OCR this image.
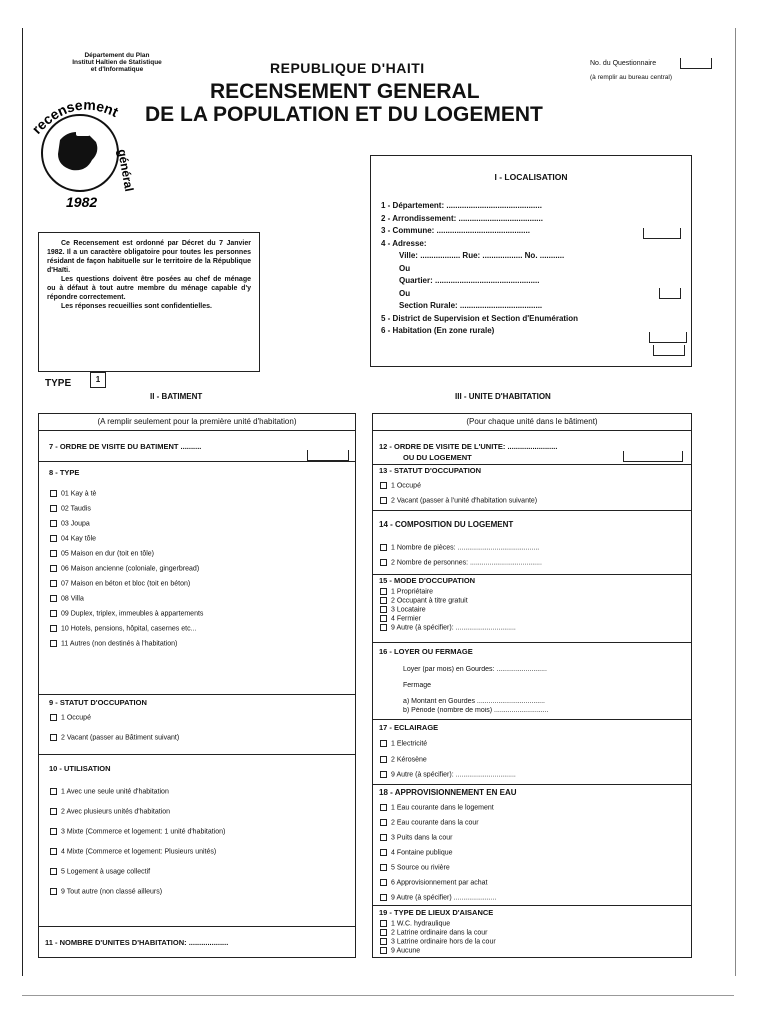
Département du Plan
Institut Haïtien de Statistique
et d'Informatique	REPUBLIQUE D'HAITI
RECENSEMENT GENERAL
DE LA POPULATION ET DU LOGEMENT
No. du Questionnaire
(à remplir au bureau central)
recensement
général
1982

Ce Recensement est ordonné par Décret du 7 Janvier 1982. Il a un caractère obligatoire pour toutes les personnes résidant de façon habituelle sur le territoire de la République d'Haïti.

Les questions doivent être posées au chef de ménage ou à défaut à tout autre membre du ménage capable d'y répondre correctement.

Les réponses recueillies sont confidentielles.

I - LOCALISATION
1 - Département: ...........................................
2 - Arrondissement: ......................................
3 - Commune: ..........................................
4 - Adresse:
Ville: .................. Rue: .................. No. ...........
Ou
Quartier: ...............................................
Ou
Section Rurale: .....................................
5 - District de Supervision et Section d'Enumération
6 - Habitation (En zone rurale)
TYPE	1
II - BATIMENT
(A remplir seulement pour la première unité d'habitation)
7 - ORDRE DE VISITE DU BATIMENT ..........
8 - TYPE
01 Kay à tè
02 Taudis
03 Joupa
04 Kay tôle
05 Maison en dur (toit en tôle)
06 Maison ancienne (coloniale, gingerbread)
07 Maison en béton et bloc (toit en béton)
08 Villa
09 Duplex, triplex, immeubles à appartements
10 Hotels, pensions, hôpital, casernes etc...
11 Autres (non destinés à l'habitation)
9 - STATUT D'OCCUPATION
1 Occupé
2 Vacant (passer au Bâtiment suivant)
10 - UTILISATION
1 Avec une seule unité d'habitation
2 Avec plusieurs unités d'habitation
3 Mixte (Commerce et logement: 1 unité d'habitation)
4 Mixte (Commerce et logement: Plusieurs unités)
5 Logement à usage collectif
9 Tout autre (non classé ailleurs)
11 - NOMBRE D'UNITES D'HABITATION: ...................
III - UNITE D'HABITATION
(Pour chaque unité dans le bâtiment)
12 - ORDRE DE VISITE DE L'UNITE: ........................
OU DU LOGEMENT
13 - STATUT D'OCCUPATION
1 Occupé
2 Vacant (passer à l'unité d'habitation suivante)
14 - COMPOSITION DU LOGEMENT
1 Nombre de pièces: ..........................................
2 Nombre de personnes: .....................................
15 - MODE D'OCCUPATION
1 Propriétaire
2 Occupant à titre gratuit
3 Locataire
4 Fermier
9 Autre (à spécifier): ...............................
16 - LOYER OU FERMAGE
Loyer (par mois) en Gourdes: ..........................
Fermage
a) Montant en Gourdes ...................................
b) Période (nombre de mois) ............................
17 - ECLAIRAGE
1 Electricité
2 Kérosène
9 Autre (à spécifier): ...............................
18 - APPROVISIONNEMENT EN EAU
1 Eau courante dans le logement
2 Eau courante dans la cour
3 Puits dans la cour
4 Fontaine publique
5 Source ou rivière
6 Approvisionnement par achat
9 Autre (à spécifier) ......................
19 - TYPE DE LIEUX D'AISANCE
1 W.C. hydraulique
2 Latrine ordinaire dans la cour
3 Latrine ordinaire hors de la cour
9 Aucune
